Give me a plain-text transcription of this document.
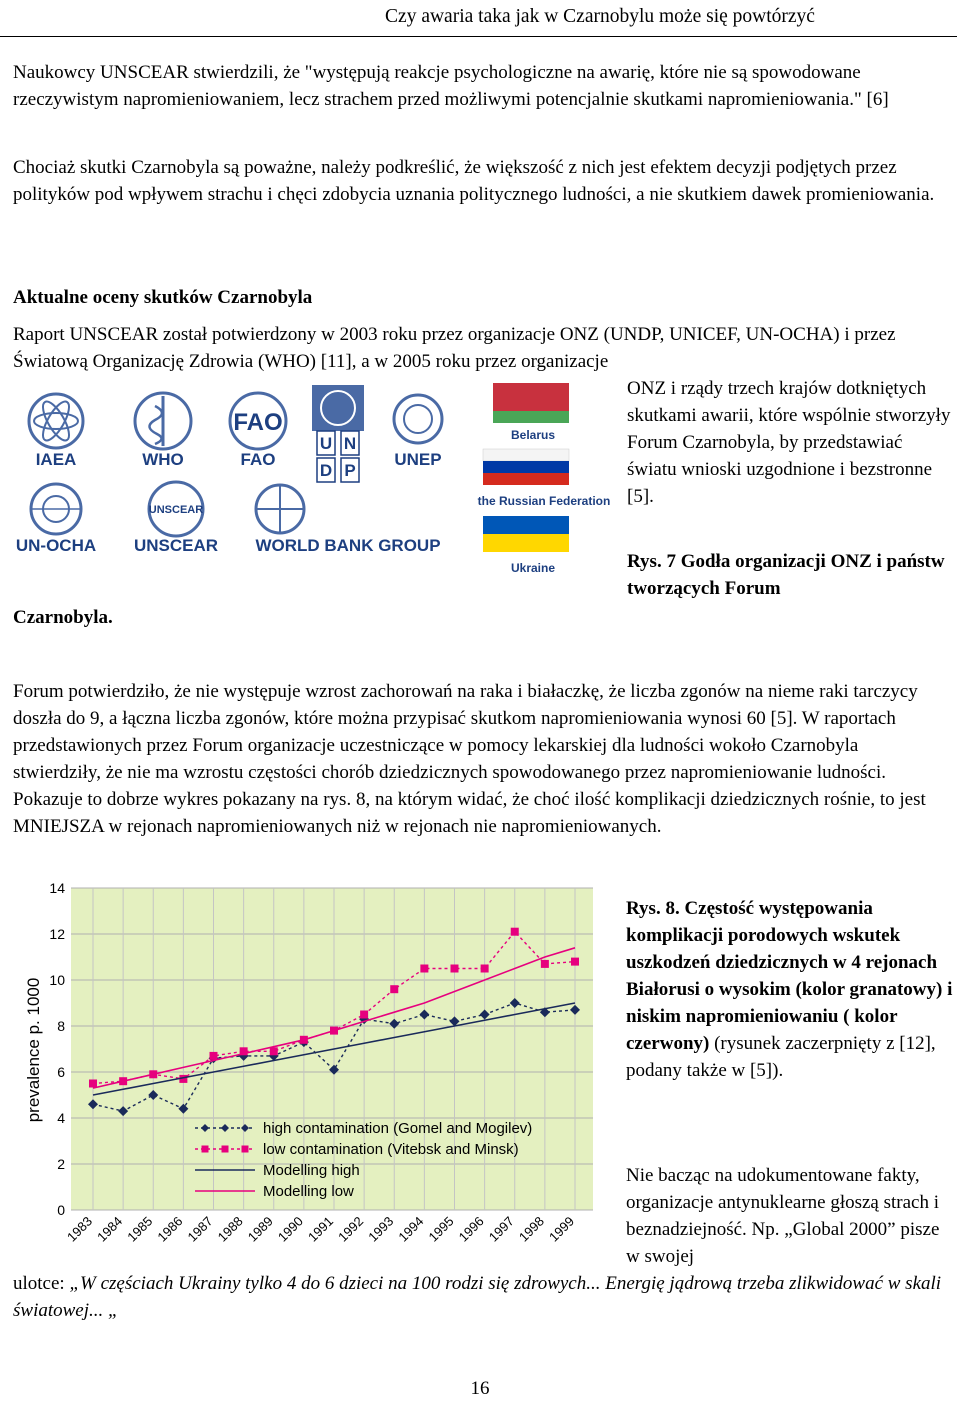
Czy awaria taka jak w Czarnobylu może się powtórzyć

Naukowcy UNSCEAR stwierdzili, że "występują reakcje psychologiczne na awarię, które nie są spowodowane rzeczywistym napromieniowaniem, lecz strachem przed możliwymi potencjalnie skutkami napromieniowania." [6]

Chociaż skutki Czarnobyla są poważne, należy podkreślić, że większość z nich jest efektem decyzji podjętych przez polityków pod wpływem strachu i chęci zdobycia uznania politycznego ludności, a nie skutkiem dawek promieniowania.

Aktualne oceny skutków Czarnobyla

Raport UNSCEAR został potwierdzony w 2003 roku przez organizacje ONZ (UNDP, UNICEF, UN-OCHA) i przez Światową Organizację Zdrowia (WHO) [11], a w 2005 roku przez organizacje

ONZ i rządy trzech krajów dotkniętych skutkami awarii, które wspólnie stworzyły Forum Czarnobyla, by przedstawiać światu wnioski uzgodnione i bezstronne [5].

Rys. 7 Godła organizacji ONZ i państw tworzących Forum

Czarnobyla.

IAEA	WHO
FAO
FAO
U N
D P
UNEP
UN-OCHA
UNSCEAR
UNSCEAR WORLD BANK GROUP
Belarus
the Russian Federation
Ukraine

Forum potwierdziło, że nie występuje wzrost zachorowań na raka i białaczkę, że liczba zgonów na nieme raki tarczycy doszła do 9, a łączna liczba zgonów, które można przypisać skutkom napromieniowania wynosi 60 [5]. W raportach przedstawionych przez Forum organizacje uczestniczące w pomocy lekarskiej dla ludności wokoło Czarnobyla stwierdziły, że nie ma wzrostu częstości chorób dziedzicznych spowodowanego przez napromieniowanie ludności. Pokazuje to dobrze wykres pokazany na rys. 8, na którym widać, że choć ilość komplikacji dziedzicznych rośnie, to jest MNIEJSZA w rejonach napromieniowanych niż w rejonach nie napromieniowanych.

0
2
4
6
8
10
12
14
1983 1984 1985 1986 1987 1988 1989 1990 1991 1992 1993 1994 1995 1996 1997 1998 1999
prevalence p. 1000
high contamination (Gomel and Mogilev)
low contamination (Vitebsk and Minsk)
Modelling high
Modelling low

Rys. 8. Częstość występowania komplikacji porodowych wskutek uszkodzeń dziedzicznych w 4 rejonach Białorusi o wysokim (kolor granatowy) i niskim napromieniowaniu ( kolor czerwony) (rysunek zaczerpnięty z [12], podany także w [5]).

Nie bacząc na udokumentowane fakty, organizacje antynuklearne głoszą strach i beznadziejność. Np. „Global 2000” pisze w swojej

ulotce: „W częściach Ukrainy tylko 4 do 6 dzieci na 100 rodzi się zdrowych... Energię jądrową trzeba zlikwidować w skali światowej... „

16
